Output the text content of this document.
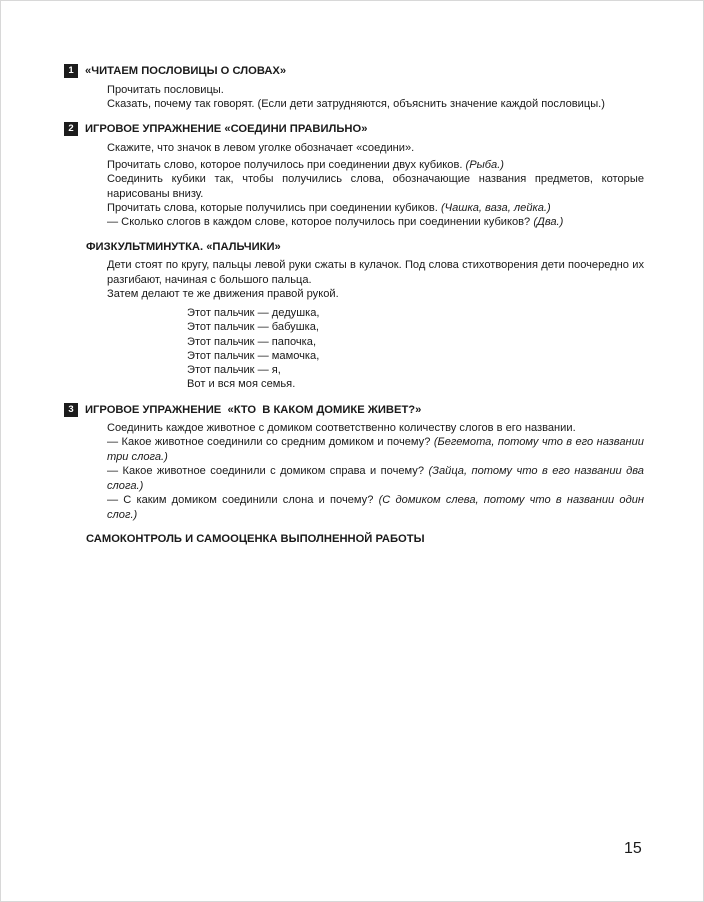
1 «ЧИТАЕМ ПОСЛОВИЦЫ О СЛОВАХ»
Прочитать пословицы.
Сказать, почему так говорят. (Если дети затрудняются, объяснить значение каждой пословицы.)
2 ИГРОВОЕ УПРАЖНЕНИЕ «СОЕДИНИ ПРАВИЛЬНО»
Скажите, что значок в левом уголке обозначает «соедини».
Прочитать слово, которое получилось при соединении двух кубиков. (Рыба.)
Соединить кубики так, чтобы получились слова, обозначающие названия предметов, которые нарисованы внизу.
Прочитать слова, которые получились при соединении кубиков. (Чашка, ваза, лейка.)
— Сколько слогов в каждом слове, которое получилось при соединении кубиков? (Два.)
ФИЗКУЛЬТМИНУТКА. «ПАЛЬЧИКИ»
Дети стоят по кругу, пальцы левой руки сжаты в кулачок. Под слова стихотворения дети поочередно их разгибают, начиная с большого пальца.
Затем делают те же движения правой рукой.
Этот пальчик — дедушка,
Этот пальчик — бабушка,
Этот пальчик — папочка,
Этот пальчик — мамочка,
Этот пальчик — я,
Вот и вся моя семья.
3 ИГРОВОЕ УПРАЖНЕНИЕ  «КТО  В КАКОМ ДОМИКЕ ЖИВЕТ?»
Соединить каждое животное с домиком соответственно количеству слогов в его названии.
— Какое животное соединили со средним домиком и почему? (Бегемота, потому что в его названии три слога.)
— Какое животное соединили с домиком справа и почему? (Зайца, потому что в его названии два слога.)
— С каким домиком соединили слона и почему? (С домиком слева, потому что в названии один слог.)
САМОКОНТРОЛЬ И САМООЦЕНКА ВЫПОЛНЕННОЙ РАБОТЫ
15
